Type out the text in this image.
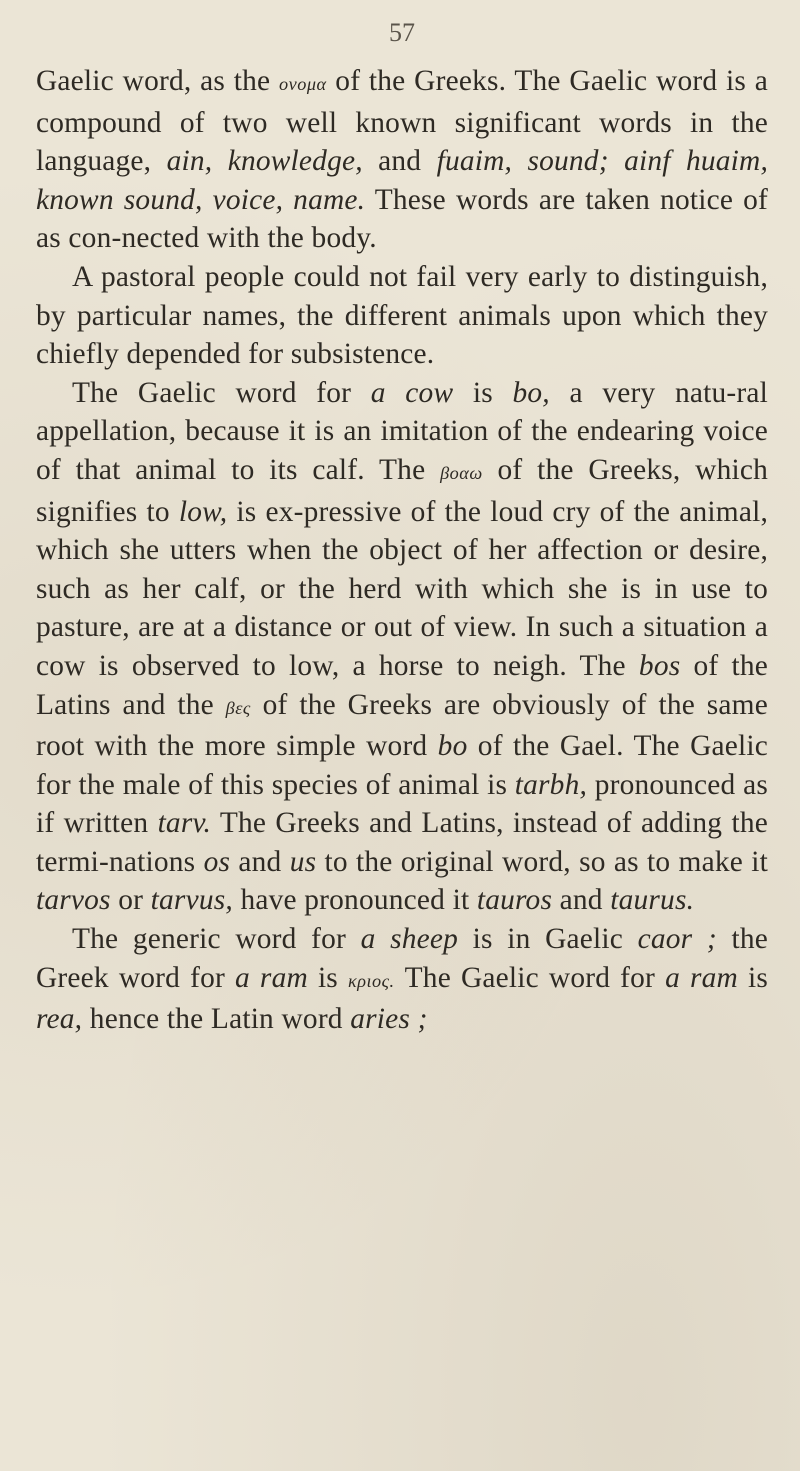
57

Gaelic word, as the ονομα of the Greeks. The Gaelic word is a compound of two well known significant words in the language, ain, knowledge, and fuaim, sound; ainf huaim, known sound, voice, name. These words are taken notice of as con-nected with the body.

A pastoral people could not fail very early to distinguish, by particular names, the different animals upon which they chiefly depended for subsistence.

The Gaelic word for a cow is bo, a very natu-ral appellation, because it is an imitation of the endearing voice of that animal to its calf. The βοαω of the Greeks, which signifies to low, is ex-pressive of the loud cry of the animal, which she utters when the object of her affection or desire, such as her calf, or the herd with which she is in use to pasture, are at a distance or out of view. In such a situation a cow is observed to low, a horse to neigh. The bos of the Latins and the βες of the Greeks are obviously of the same root with the more simple word bo of the Gael. The Gaelic for the male of this species of animal is tarbh, pronounced as if written tarv. The Greeks and Latins, instead of adding the termi-nations os and us to the original word, so as to make it tarvos or tarvus, have pronounced it tauros and taurus.

The generic word for a sheep is in Gaelic caor ; the Greek word for a ram is κριος. The Gaelic word for a ram is rea, hence the Latin word aries ;
